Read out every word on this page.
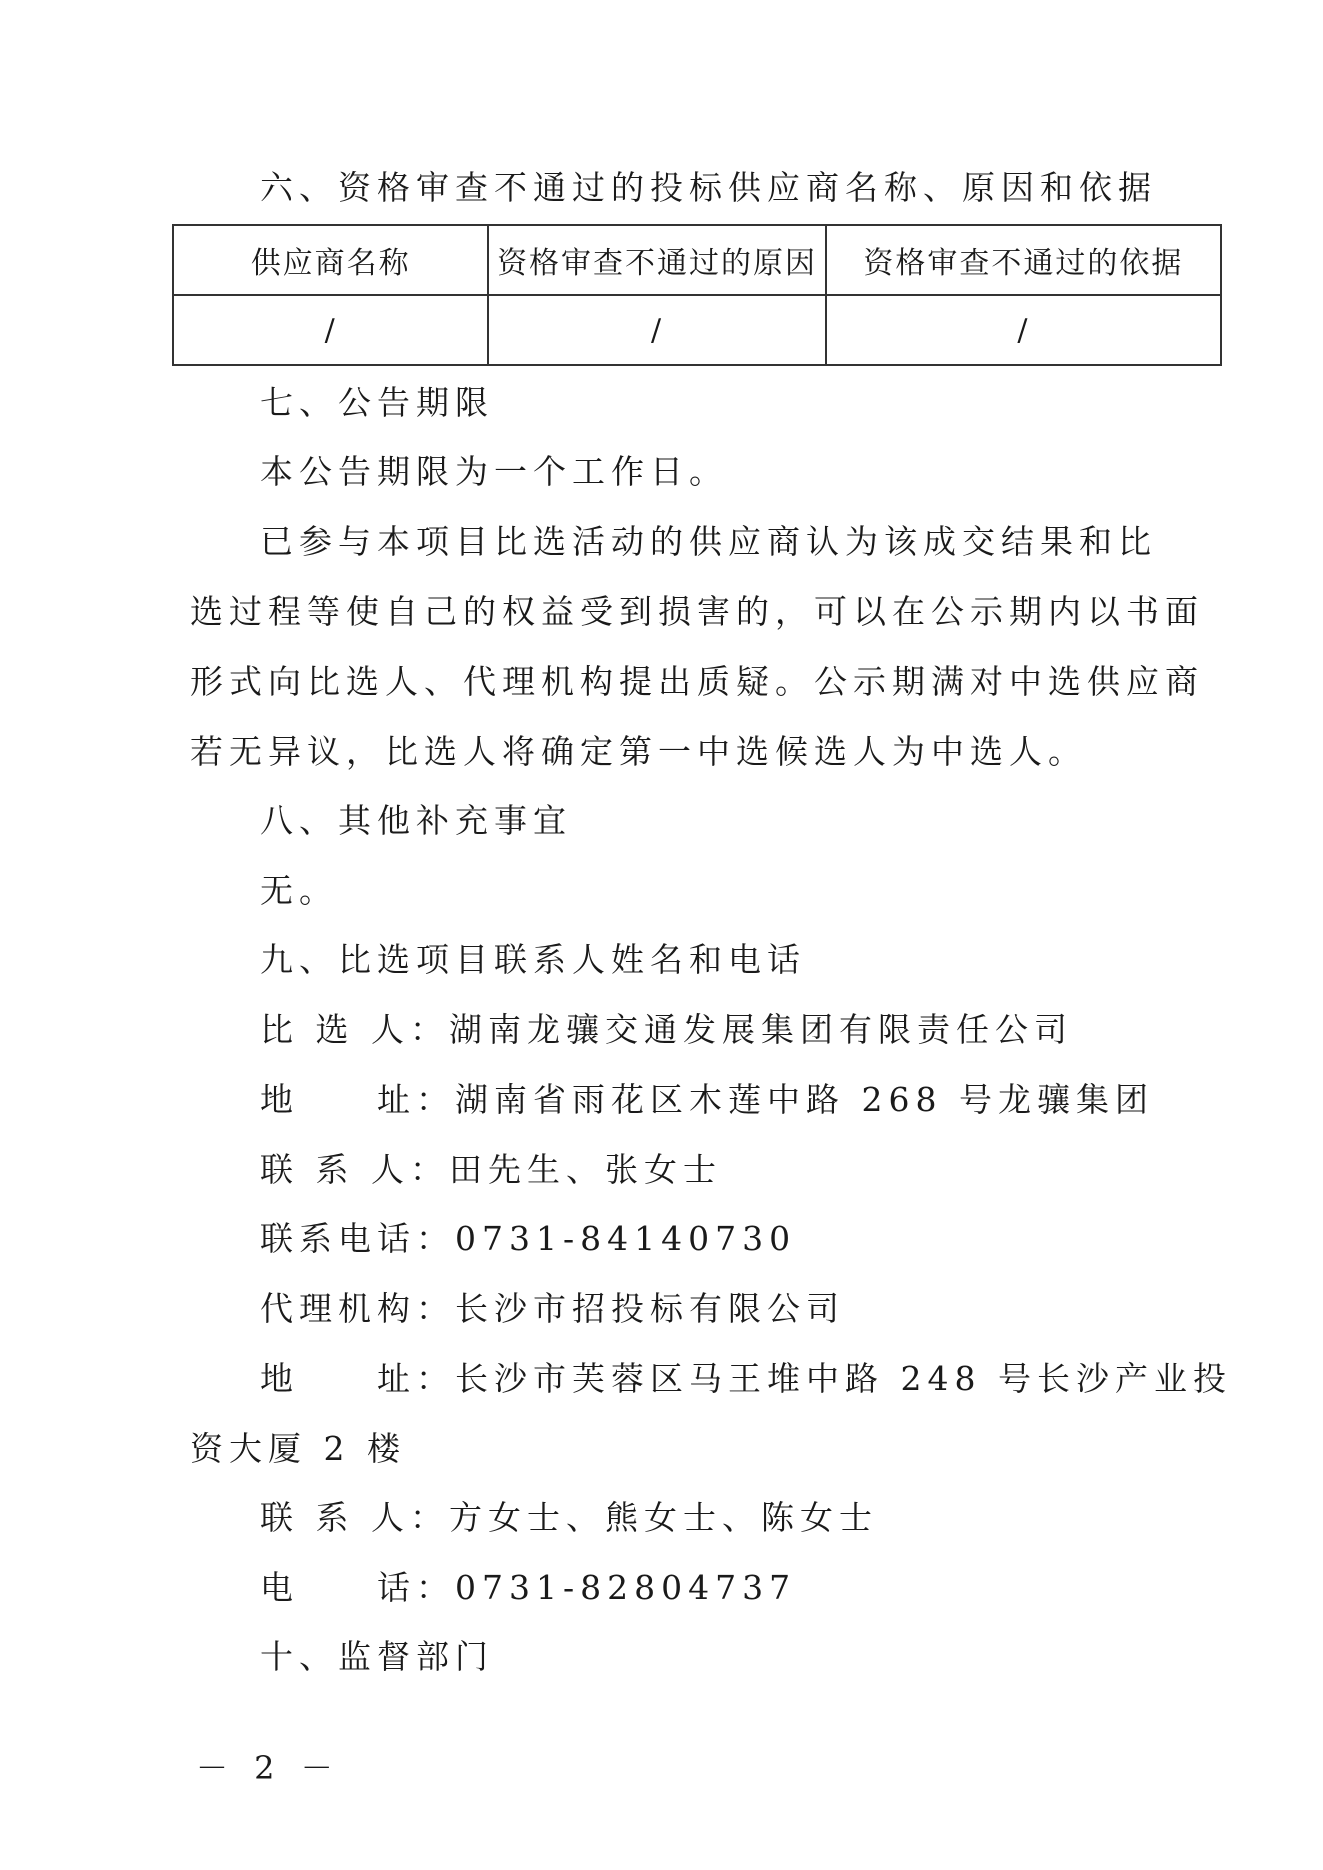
六、资格审查不通过的投标供应商名称、原因和依据
供应商名称	资格审查不通过的原因	资格审查不通过的依据
/	/	/
七、公告期限
本公告期限为一个工作日。
已参与本项目比选活动的供应商认为该成交结果和比
选过程等使自己的权益受到损害的，可以在公示期内以书面
形式向比选人、代理机构提出质疑。公示期满对中选供应商
若无异议，比选人将确定第一中选候选人为中选人。
八、其他补充事宜
无。
九、比选项目联系人姓名和电话
比 选 人：湖南龙骧交通发展集团有限责任公司
地　　址：湖南省雨花区木莲中路 268 号龙骧集团
联 系 人：田先生、张女士
联系电话：0731-84140730
代理机构：长沙市招投标有限公司
地　　址：长沙市芙蓉区马王堆中路 248 号长沙产业投
资大厦 2 楼
联 系 人：方女士、熊女士、陈女士
电　　话：0731-82804737
十、监督部门
－ 2 －
